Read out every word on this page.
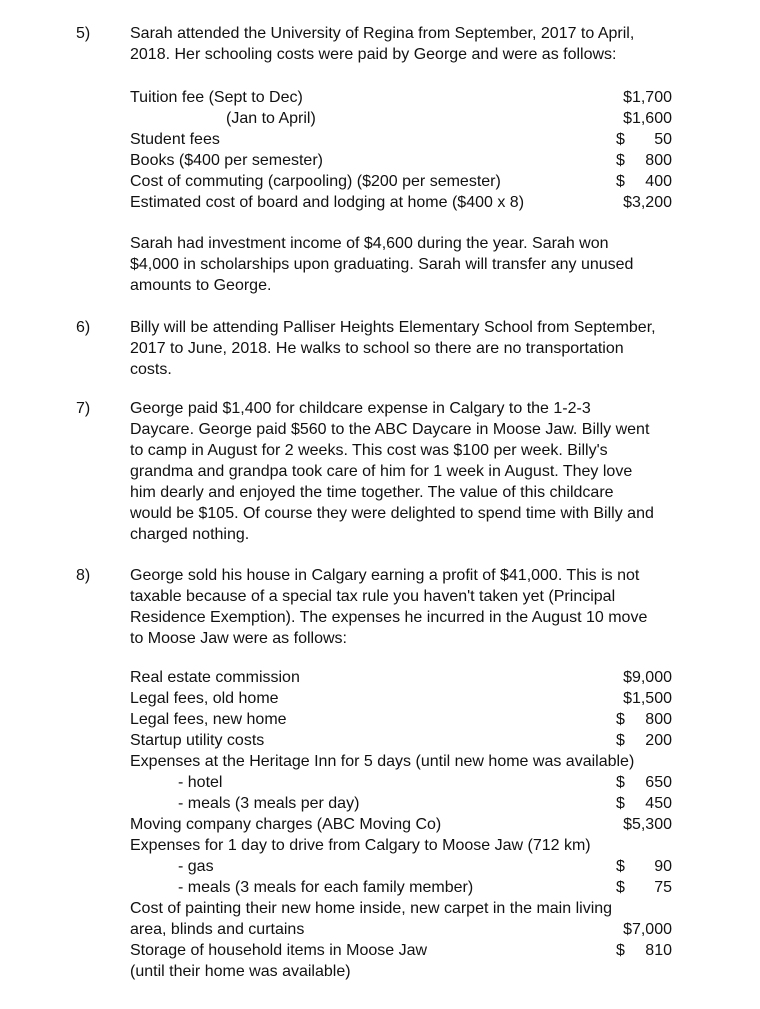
5)	Sarah attended the University of Regina from September, 2017 to April,
2018. Her schooling costs were paid by George and were as follows:
Tuition fee (Sept to Dec) . . .	$1,700
(Jan to April) . . .	$1,600
Student fees . . .	$ 50
Books ($400 per semester) . . .	$ 800
Cost of commuting (carpooling) ($200 per semester) . . .	$ 400
Estimated cost of board and lodging at home ($400 x 8) . . .	$3,200
Sarah had investment income of $4,600 during the year. Sarah won
$4,000 in scholarships upon graduating. Sarah will transfer any unused
amounts to George.
6)	Billy will be attending Palliser Heights Elementary School from September,
2017 to June, 2018. He walks to school so there are no transportation
costs.
7)	George paid $1,400 for childcare expense in Calgary to the 1-2-3
Daycare. George paid $560 to the ABC Daycare in Moose Jaw. Billy went
to camp in August for 2 weeks. This cost was $100 per week. Billy's
grandma and grandpa took care of him for 1 week in August. They love
him dearly and enjoyed the time together. The value of this childcare
would be $105. Of course they were delighted to spend time with Billy and
charged nothing.
8)	George sold his house in Calgary earning a profit of $41,000. This is not
taxable because of a special tax rule you haven't taken yet (Principal
Residence Exemption). The expenses he incurred in the August 10 move
to Moose Jaw were as follows:
Real estate commission . . .	$9,000
Legal fees, old home . . .	$1,500
Legal fees, new home . . .	$ 800
Startup utility costs . . .	$ 200
Expenses at the Heritage Inn for 5 days (until new home was available)
- hotel . . .	$ 650
- meals (3 meals per day) . . .	$ 450
Moving company charges (ABC Moving Co) . . .	$5,300
Expenses for 1 day to drive from Calgary to Moose Jaw (712 km)
- gas . . .	$ 90
- meals (3 meals for each family member) . . .	$ 75
Cost of painting their new home inside, new carpet in the main living
area, blinds and curtains . . .	$7,000
Storage of household items in Moose Jaw . . .	$ 810
(until their home was available)
